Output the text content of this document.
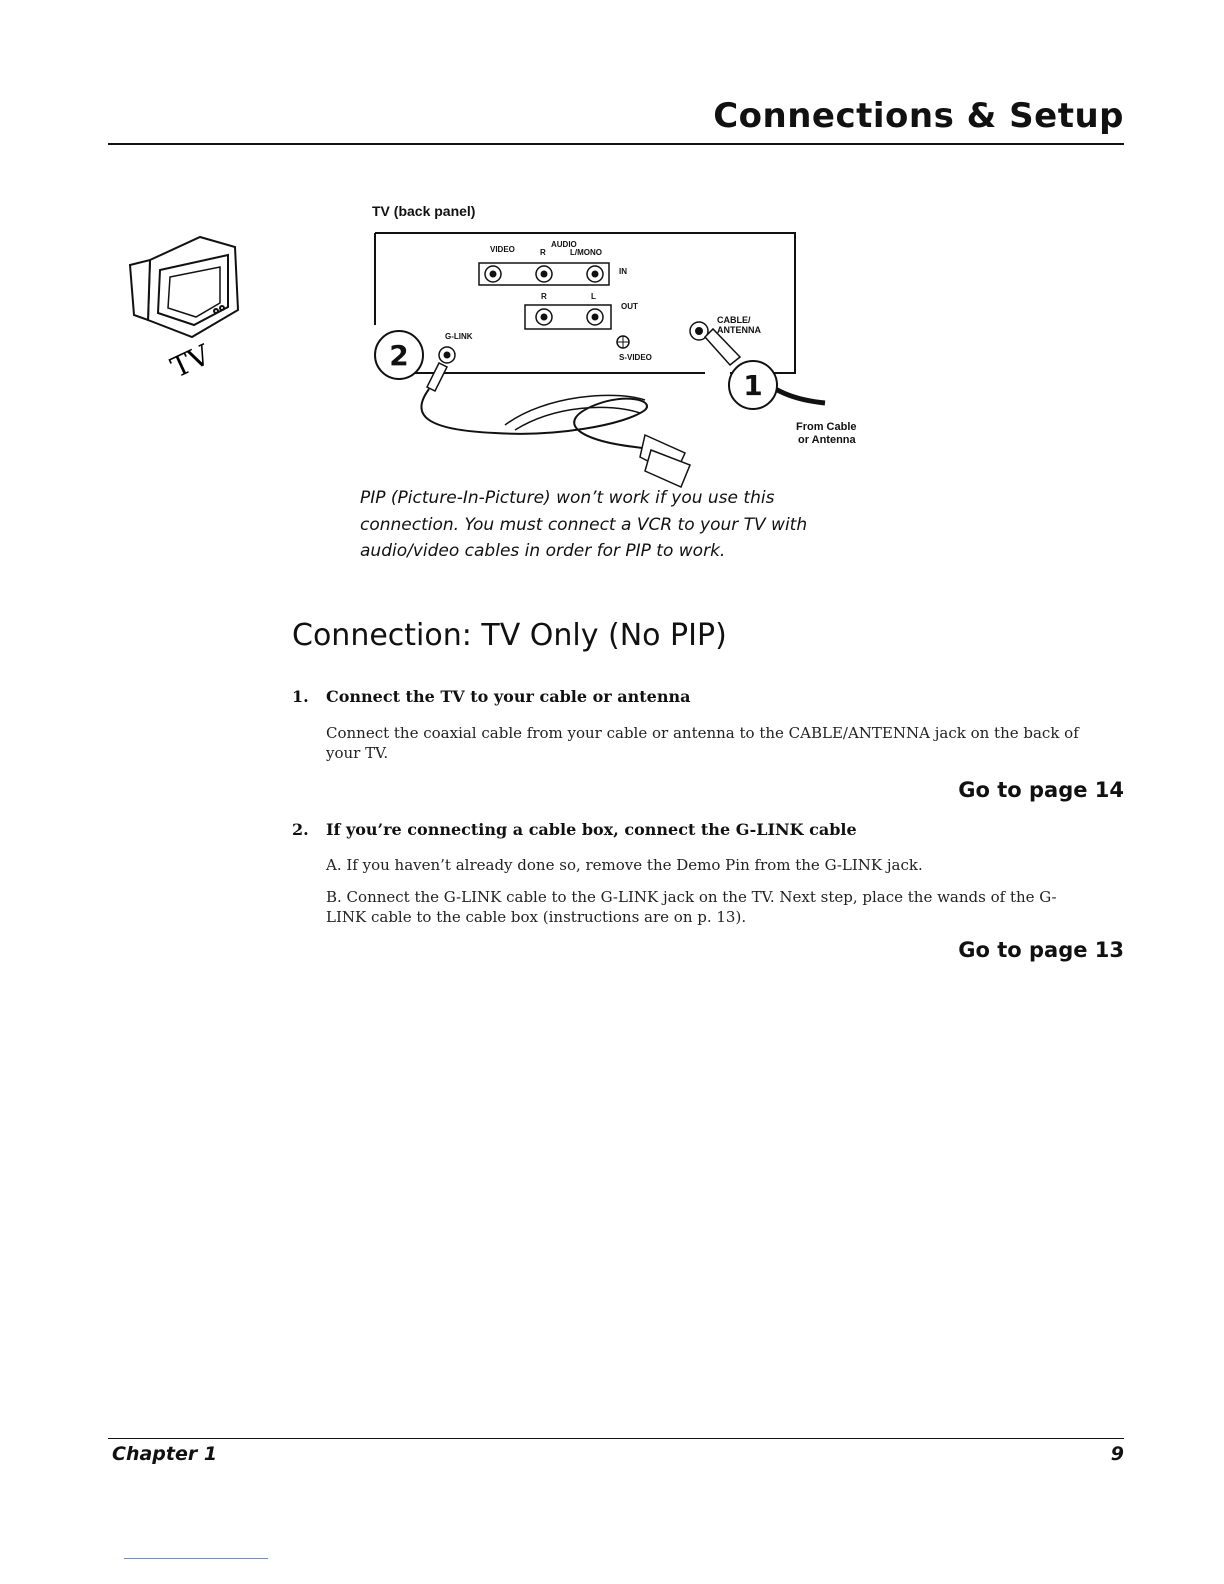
Connections & Setup
TV
TV (back panel)
2
1
VIDEO
AUDIO
R	L/MONO
IN
R	L
OUT
G-LINK
S-VIDEO
CABLE/
ANTENNA
From Cable
or Antenna

PIP (Picture-In-Picture) won’t work if you use this connection. You must connect a VCR to your TV with audio/video cables in order for PIP to work.

Connection: TV Only (No PIP)
1. Connect the TV to your cable or antenna
Connect the coaxial cable from your cable or antenna to the CABLE/ANTENNA jack on the back of your TV.
Go to page 14
2. If you’re connecting a cable box, connect the G-LINK cable
A. If you haven’t already done so, remove the Demo Pin from the G-LINK jack.
B. Connect the G-LINK cable to the G-LINK jack on the TV. Next step, place the wands of the G-LINK cable to the cable box (instructions are on p. 13).
Go to page 13
Chapter 1	9
